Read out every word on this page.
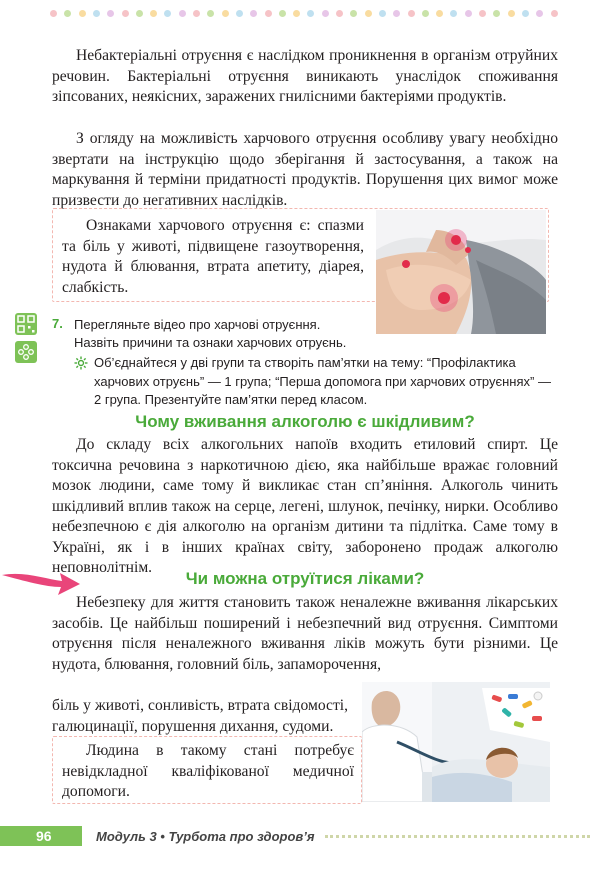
Небактеріальні отруєння є наслідком проникнення в організм отруйних речовин. Бактеріальні отруєння виникають унаслідок споживання зіпсованих, неякісних, заражених гнилісними бактеріями продуктів.

З огляду на можливість харчового отруєння особливу увагу необхідно звертати на інструкцію щодо зберігання й застосування, а також на маркування й терміни придатності продуктів. Порушення цих вимог може призвести до негативних наслідків.

Ознаками харчового отруєння є: спазми та біль у животі, підвищене газоутворення, нудота й блювання, втрата апетиту, діарея, слабкість.

7. Перегляньте відео про харчові отруєння.
Назвіть причини та ознаки харчових отруєнь.

Об’єднайтеся у дві групи та створіть пам’ятки на тему: “Профілактика харчових отруєнь” — 1 група; “Перша допомога при харчових отруєннях” — 2 група. Презентуйте пам’ятки перед класом.

Чому вживання алкоголю є шкідливим?

До складу всіх алкогольних напоїв входить етиловий спирт. Це токсична речовина з наркотичною дією, яка найбільше вражає головний мозок людини, саме тому й викликає стан сп’яніння. Алкоголь чинить шкідливий вплив також на серце, легені, шлунок, печінку, нирки. Особливо небезпечною є дія алкоголю на організм дитини та підлітка. Саме тому в Україні, як і в інших країнах світу, заборонено продаж алкоголю неповнолітнім.

Чи можна отруїтися ліками?

Небезпеку для життя становить також неналежне вживання лікарських засобів. Це найбільш поширений і небезпечний вид отруєння. Симптоми отруєння після неналежного вживання ліків можуть бути різними. Це нудота, блювання, головний біль, запаморочення,

біль у животі, сонливість, втрата свідомості, галюцинації, порушення дихання, судоми.

Людина в такому стані потребує невідкладної кваліфікованої медичної допомоги.

96	Модуль 3 • Турбота про здоров’я
